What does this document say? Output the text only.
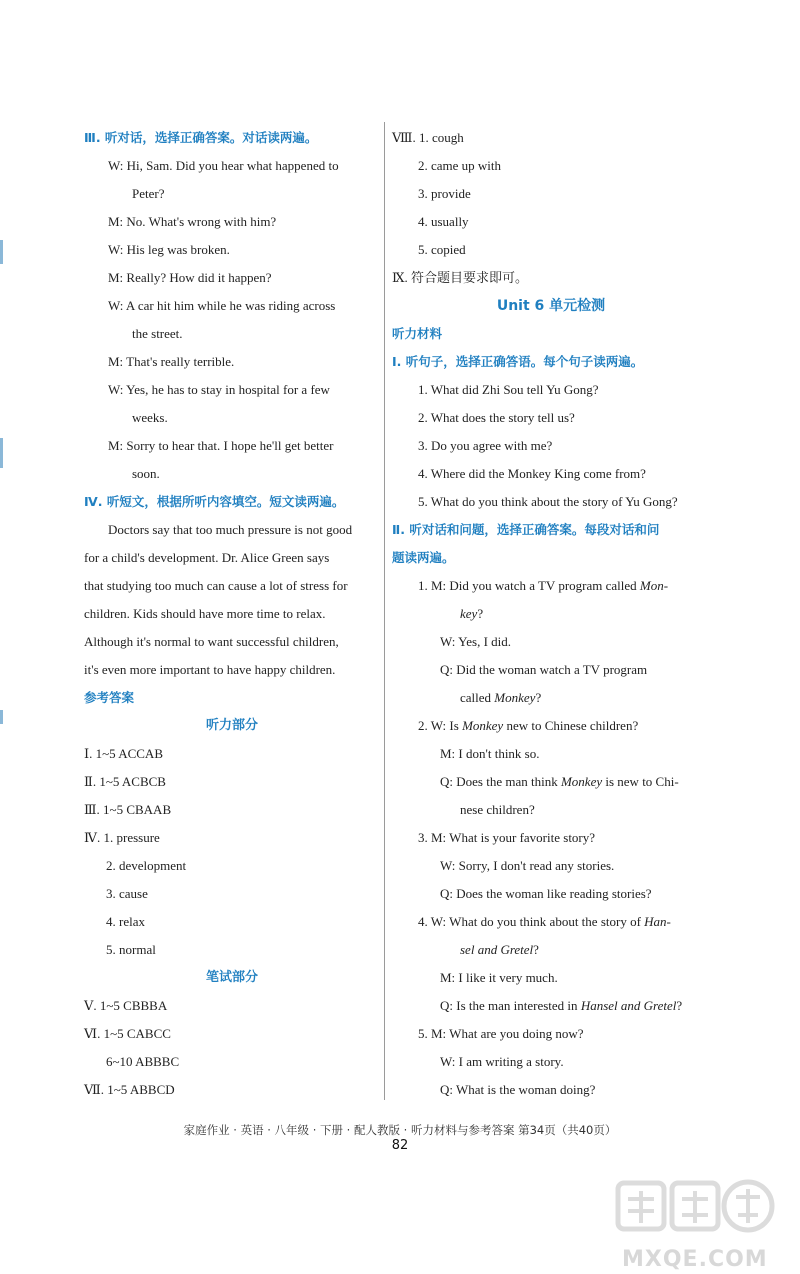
Ⅲ. 听对话，选择正确答案。对话读两遍。
W: Hi, Sam. Did you hear what happened to
Peter?
M: No. What's wrong with him?
W: His leg was broken.
M: Really? How did it happen?
W: A car hit him while he was riding across
the street.
M: That's really terrible.
W: Yes, he has to stay in hospital for a few
weeks.
M: Sorry to hear that. I hope he'll get better
soon.
Ⅳ. 听短文，根据所听内容填空。短文读两遍。
Doctors say that too much pressure is not good
for a child's development. Dr. Alice Green says
that studying too much can cause a lot of stress for
children. Kids should have more time to relax.
Although it's normal to want successful children,
it's even more important to have happy children.
参考答案
听力部分
Ⅰ. 1~5 ACCAB
Ⅱ. 1~5 ACBCB
Ⅲ. 1~5 CBAAB
Ⅳ. 1. pressure
2. development
3. cause
4. relax
5. normal
笔试部分
Ⅴ. 1~5 CBBBA
Ⅵ. 1~5 CABCC
6~10 ABBBC
Ⅶ. 1~5 ABBCD
Ⅷ. 1. cough
2. came up with
3. provide
4. usually
5. copied
Ⅸ. 符合题目要求即可。
Unit 6 单元检测
听力材料
Ⅰ. 听句子，选择正确答语。每个句子读两遍。
1. What did Zhi Sou tell Yu Gong?
2. What does the story tell us?
3. Do you agree with me?
4. Where did the Monkey King come from?
5. What do you think about the story of Yu Gong?
Ⅱ. 听对话和问题，选择正确答案。每段对话和问
题读两遍。
1. M: Did you watch a TV program called Mon-
key?
W: Yes, I did.
Q: Did the woman watch a TV program
called Monkey?
2. W: Is Monkey new to Chinese children?
M: I don't think so.
Q: Does the man think Monkey is new to Chi-
nese children?
3. M: What is your favorite story?
W: Sorry, I don't read any stories.
Q: Does the woman like reading stories?
4. W: What do you think about the story of Han-
sel and Gretel?
M: I like it very much.
Q: Is the man interested in Hansel and Gretel?
5. M: What are you doing now?
W: I am writing a story.
Q: What is the woman doing?
家庭作业 · 英语 · 八年级 · 下册 · 配人教版 · 听力材料与参考答案 第34页（共40页）
82
MXQE.COM
